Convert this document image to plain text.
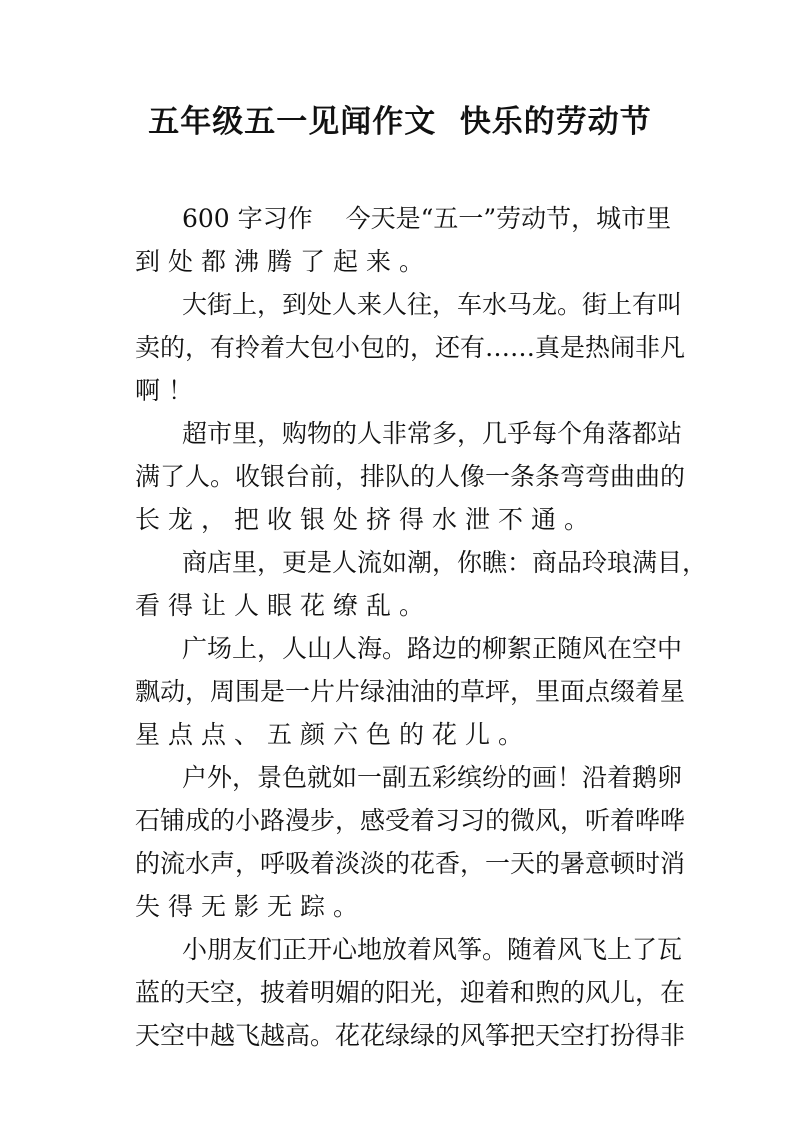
五年级五一见闻作文  快乐的劳动节
600 字习作　 今天是“五一”劳动节，城市里
到处都沸腾了起来。
大街上，到处人来人往，车水马龙。街上有叫
卖的，有拎着大包小包的，还有……真是热闹非凡
啊！
超市里，购物的人非常多，几乎每个角落都站
满了人。收银台前，排队的人像一条条弯弯曲曲的
长龙，把收银处挤得水泄不通。
商店里，更是人流如潮，你瞧：商品玲琅满目，
看得让人眼花缭乱。
广场上，人山人海。路边的柳絮正随风在空中
飘动，周围是一片片绿油油的草坪，里面点缀着星
星点点、五颜六色的花儿。
户外，景色就如一副五彩缤纷的画！沿着鹅卵
石铺成的小路漫步，感受着习习的微风，听着哗哗
的流水声，呼吸着淡淡的花香，一天的暑意顿时消
失得无影无踪。
小朋友们正开心地放着风筝。随着风飞上了瓦
蓝的天空，披着明媚的阳光，迎着和煦的风儿，在
天空中越飞越高。花花绿绿的风筝把天空打扮得非
